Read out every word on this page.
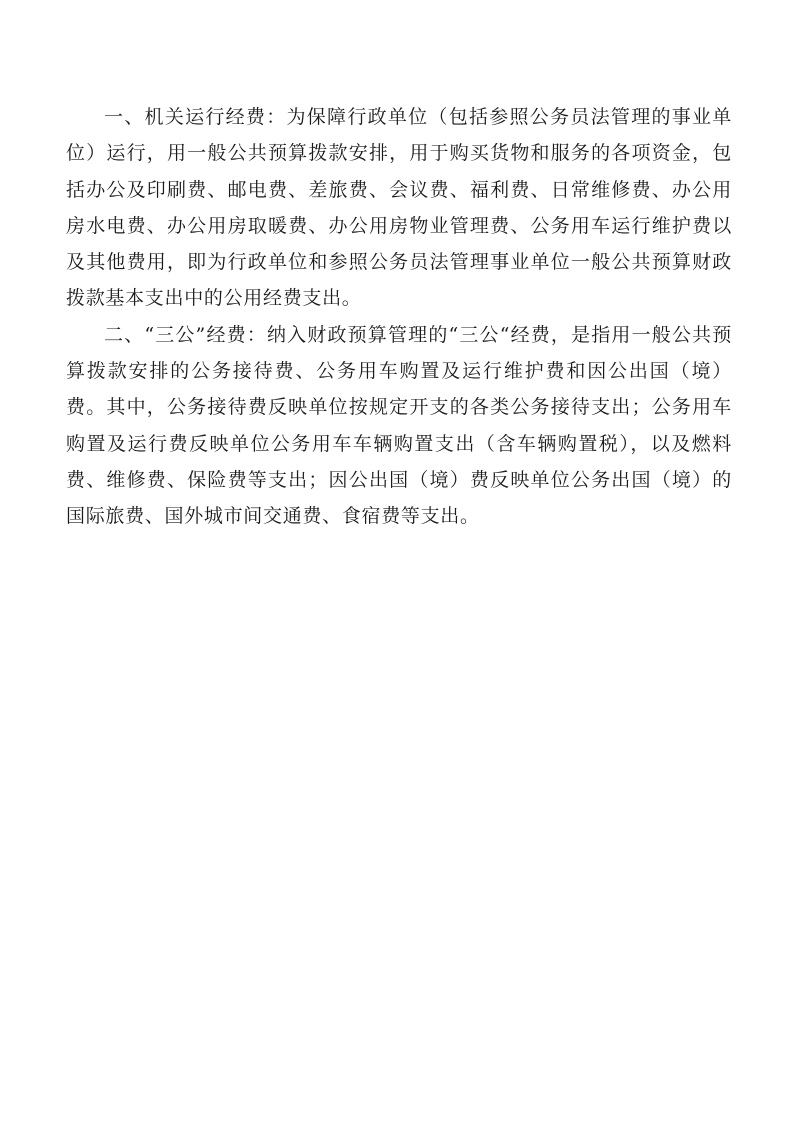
一、机关运行经费：为保障行政单位（包括参照公务员法管理的事业单位）运行，用一般公共预算拨款安排，用于购买货物和服务的各项资金，包括办公及印刷费、邮电费、差旅费、会议费、福利费、日常维修费、办公用房水电费、办公用房取暖费、办公用房物业管理费、公务用车运行维护费以及其他费用，即为行政单位和参照公务员法管理事业单位一般公共预算财政拨款基本支出中的公用经费支出。

二、“三公”经费：纳入财政预算管理的“三公“经费，是指用一般公共预算拨款安排的公务接待费、公务用车购置及运行维护费和因公出国（境）费。其中，公务接待费反映单位按规定开支的各类公务接待支出；公务用车购置及运行费反映单位公务用车车辆购置支出（含车辆购置税），以及燃料费、维修费、保险费等支出；因公出国（境）费反映单位公务出国（境）的国际旅费、国外城市间交通费、食宿费等支出。
